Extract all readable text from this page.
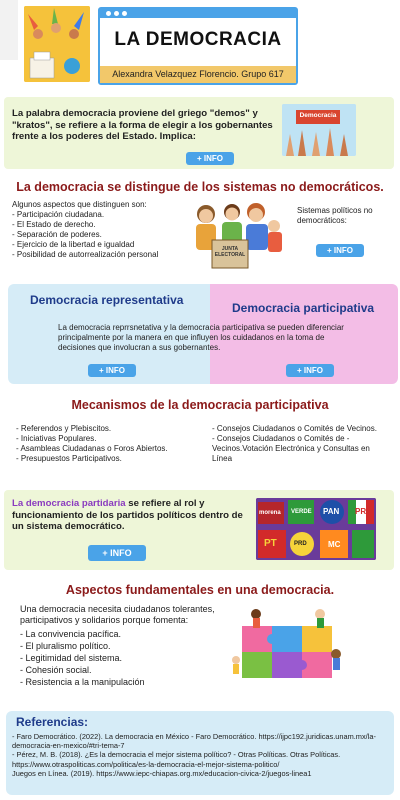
LA DEMOCRACIA
Alexandra Velazquez Florencio. Grupo 617
La palabra democracia proviene del griego "demos" y "kratos", se refiere a la forma de elegir a los gobernantes frente a los poderes del Estado. Implica:
+ INFO
Democracia
La democracia se distingue de los sistemas no democráticos.
Algunos aspectos que distinguen son:
- Participación ciudadana.
- El Estado de derecho.
- Separación de poderes.
- Ejercicio de la libertad e igualdad
- Posibilidad de autorrealización personal
JUNTA ELECTORAL
Sistemas políticos no democráticos:
+ INFO
Democracia representativa
Democracia participativa
La democracia reprrsnetativa y la democracia participativa se pueden diferenciar principalmente por la manera en que influyen los cuidadanos en la toma de decisiones que involucran a sus gobernantes.
+ INFO	+ INFO
Mecanismos de la democracia participativa
- Referendos y Plebiscitos.
- Iniciativas Populares.
- Asambleas Ciudadanas o Foros Abiertos.
- Presupuestos Participativos.
- Consejos Ciudadanos o Comités de Vecinos.
- Consejos Ciudadanos o Comités de - Vecinos.Votación Electrónica y Consultas en Línea
La democracia partidaria se refiere al rol y funcionamiento de los partidos políticos dentro de un sistema democrático.
+ INFO
morena VERDE PAN PRI
PT	PRD	MC
Aspectos fundamentales en una democracia.
Una democracia necesita ciudadanos tolerantes, participativos y solidarios porque fomenta:
- La convivencia pacífica.
- El pluralismo político.
- Legitimidad del sistema.
- Cohesión social.
- Resistencia a la manipulación
Referencias:
- Faro Democrático. (2022). La democracia en México - Faro Democrático. https://ijpc192.juridicas.unam.mx/la-democracia-en-mexico/#tri-tema-7
- Pérez, M. B. (2018). ¿Es la democracia el mejor sistema político? - Otras Políticas. Otras Políticas. https://www.otraspoliticas.com/politica/es-la-democracia-el-mejor-sistema-politico/
Juegos en Línea. (2019). https://www.iepc-chiapas.org.mx/educacion-civica-2/juegos-linea1
